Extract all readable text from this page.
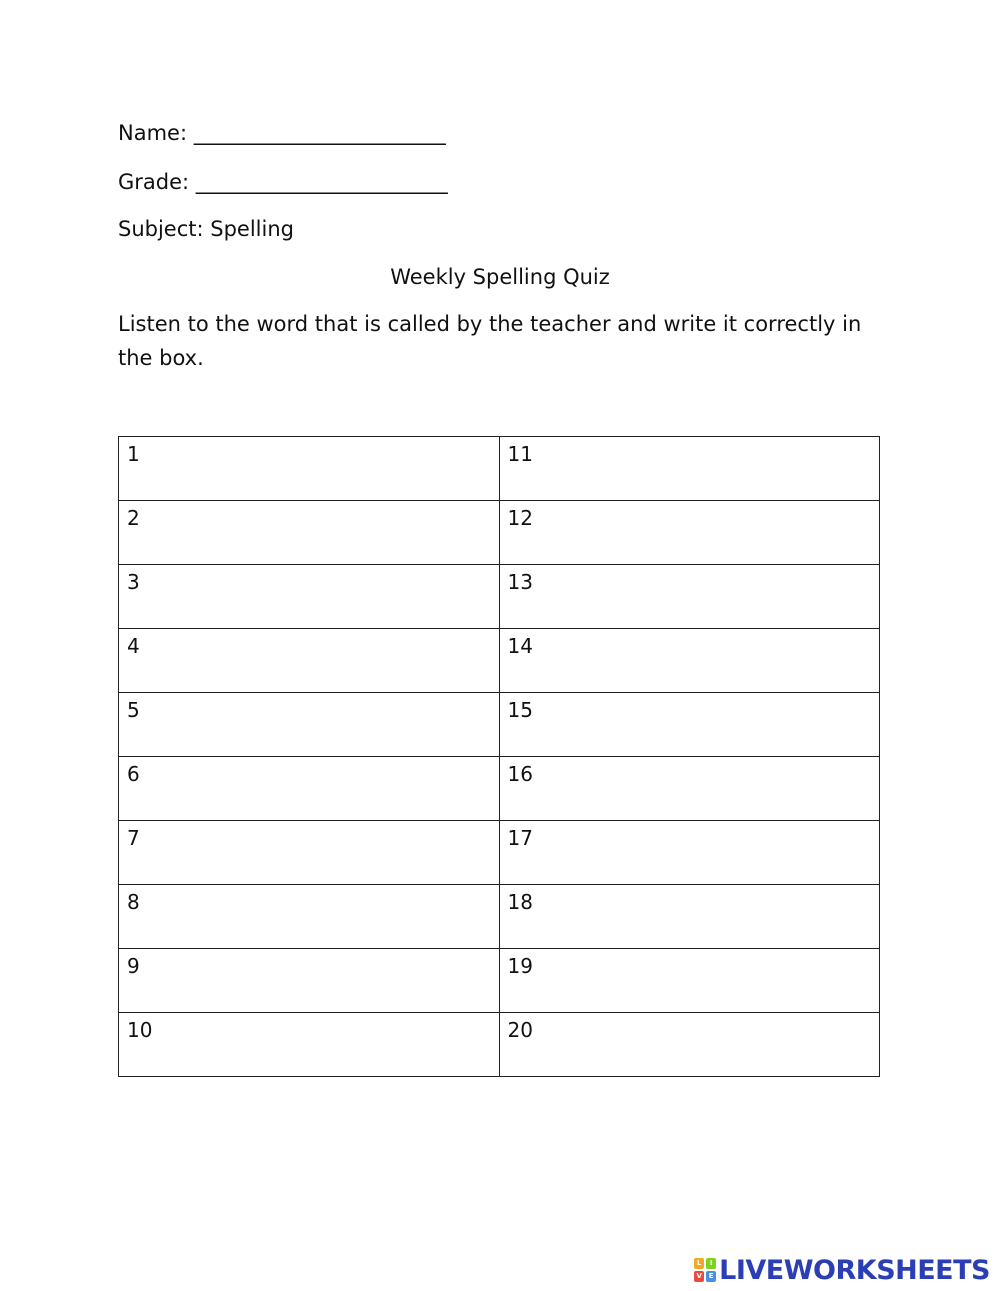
Name: ________________________
Grade: ________________________
Subject: Spelling
Weekly Spelling Quiz
Listen to the word that is called by the teacher and write it correctly in the box.
1	11

2	12

3	13

4	14

5	15

6	16

7	17

8	18

9	19

10	20
L	I
V E LIVEWORKSHEETS
